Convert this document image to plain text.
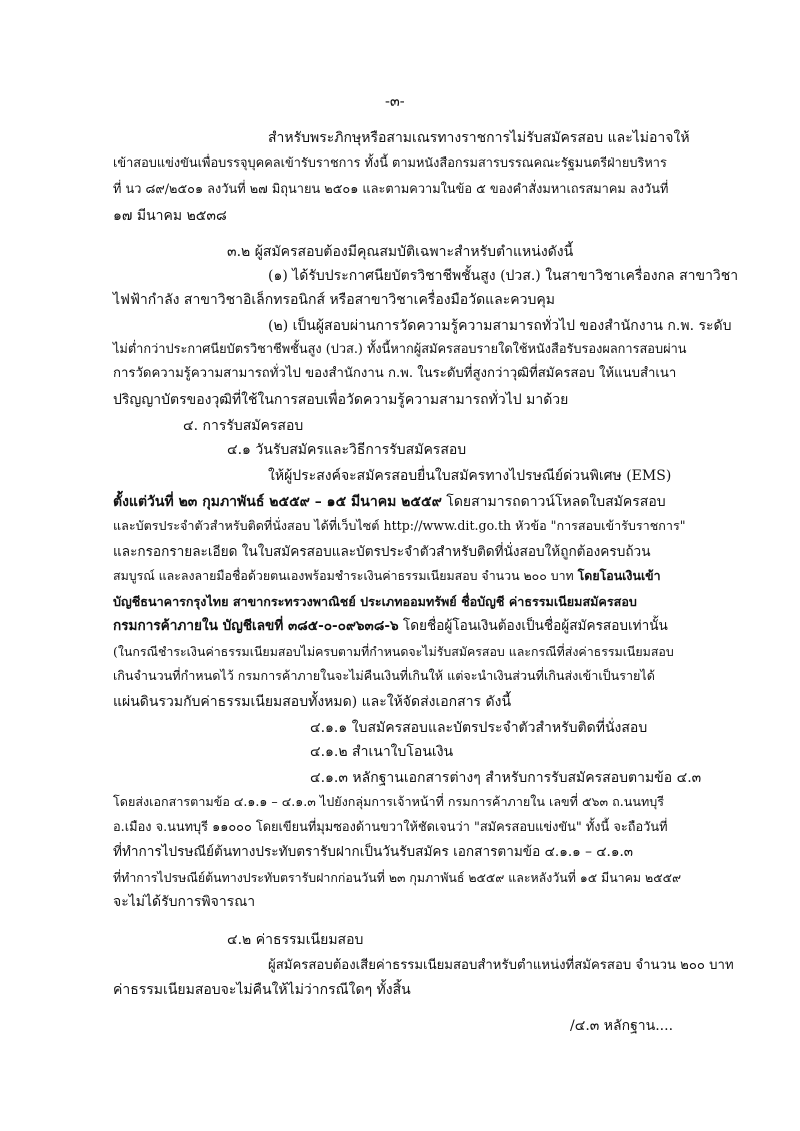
-๓-
สำหรับพระภิกษุหรือสามเณรทางราชการไม่รับสมัครสอบ และไม่อาจให้
เข้าสอบแข่งขันเพื่อบรรจุบุคคลเข้ารับราชการ ทั้งนี้ ตามหนังสือกรมสารบรรณคณะรัฐมนตรีฝ่ายบริหาร
ที่ นว ๘๙/๒๕๐๑ ลงวันที่ ๒๗ มิถุนายน ๒๕๐๑ และตามความในข้อ ๕ ของคำสั่งมหาเถรสมาคม ลงวันที่
๑๗ มีนาคม ๒๕๓๘
๓.๒ ผู้สมัครสอบต้องมีคุณสมบัติเฉพาะสำหรับตำแหน่งดังนี้
(๑) ได้รับประกาศนียบัตรวิชาชีพชั้นสูง (ปวส.) ในสาขาวิชาเครื่องกล สาขาวิชา
ไฟฟ้ากำลัง สาขาวิชาอิเล็กทรอนิกส์ หรือสาขาวิชาเครื่องมือวัดและควบคุม
(๒) เป็นผู้สอบผ่านการวัดความรู้ความสามารถทั่วไป ของสำนักงาน ก.พ. ระดับ
ไม่ต่ำกว่าประกาศนียบัตรวิชาชีพชั้นสูง (ปวส.) ทั้งนี้หากผู้สมัครสอบรายใดใช้หนังสือรับรองผลการสอบผ่าน
การวัดความรู้ความสามารถทั่วไป ของสำนักงาน ก.พ. ในระดับที่สูงกว่าวุฒิที่สมัครสอบ ให้แนบสำเนา
ปริญญาบัตรของวุฒิที่ใช้ในการสอบเพื่อวัดความรู้ความสามารถทั่วไป มาด้วย
๔. การรับสมัครสอบ
๔.๑ วันรับสมัครและวิธีการรับสมัครสอบ
ให้ผู้ประสงค์จะสมัครสอบยื่นใบสมัครทางไปรษณีย์ด่วนพิเศษ (EMS)
ตั้งแต่วันที่ ๒๓ กุมภาพันธ์ ๒๕๕๙ – ๑๕ มีนาคม ๒๕๕๙ โดยสามารถดาวน์โหลดใบสมัครสอบ
และบัตรประจำตัวสำหรับติดที่นั่งสอบ ได้ที่เว็บไซต์ http://www.dit.go.th หัวข้อ "การสอบเข้ารับราชการ"
และกรอกรายละเอียด ในใบสมัครสอบและบัตรประจำตัวสำหรับติดที่นั่งสอบให้ถูกต้องครบถ้วน
สมบูรณ์ และลงลายมือชื่อด้วยตนเองพร้อมชำระเงินค่าธรรมเนียมสอบ จำนวน ๒๐๐ บาท โดยโอนเงินเข้า
บัญชีธนาคารกรุงไทย สาขากระทรวงพาณิชย์ ประเภทออมทรัพย์ ชื่อบัญชี ค่าธรรมเนียมสมัครสอบ
กรมการค้าภายใน บัญชีเลขที่ ๓๘๕-๐-๐๙๖๓๘-๖ โดยชื่อผู้โอนเงินต้องเป็นชื่อผู้สมัครสอบเท่านั้น
(ในกรณีชำระเงินค่าธรรมเนียมสอบไม่ครบตามที่กำหนดจะไม่รับสมัครสอบ และกรณีที่ส่งค่าธรรมเนียมสอบ
เกินจำนวนที่กำหนดไว้ กรมการค้าภายในจะไม่คืนเงินที่เกินให้ แต่จะนำเงินส่วนที่เกินส่งเข้าเป็นรายได้
แผ่นดินรวมกับค่าธรรมเนียมสอบทั้งหมด) และให้จัดส่งเอกสาร ดังนี้
๔.๑.๑ ใบสมัครสอบและบัตรประจำตัวสำหรับติดที่นั่งสอบ
๔.๑.๒ สำเนาใบโอนเงิน
๔.๑.๓ หลักฐานเอกสารต่างๆ สำหรับการรับสมัครสอบตามข้อ ๔.๓
โดยส่งเอกสารตามข้อ ๔.๑.๑ – ๔.๑.๓ ไปยังกลุ่มการเจ้าหน้าที่ กรมการค้าภายใน เลขที่ ๕๖๓ ถ.นนทบุรี
อ.เมือง จ.นนทบุรี ๑๑๐๐๐ โดยเขียนที่มุมซองด้านขวาให้ชัดเจนว่า "สมัครสอบแข่งขัน" ทั้งนี้ จะถือวันที่
ที่ทำการไปรษณีย์ต้นทางประทับตรารับฝากเป็นวันรับสมัคร เอกสารตามข้อ ๔.๑.๑ – ๔.๑.๓
ที่ทำการไปรษณีย์ต้นทางประทับตรารับฝากก่อนวันที่ ๒๓ กุมภาพันธ์ ๒๕๕๙ และหลังวันที่ ๑๕ มีนาคม ๒๕๕๙
จะไม่ได้รับการพิจารณา
๔.๒ ค่าธรรมเนียมสอบ
ผู้สมัครสอบต้องเสียค่าธรรมเนียมสอบสำหรับตำแหน่งที่สมัครสอบ จำนวน ๒๐๐ บาท
ค่าธรรมเนียมสอบจะไม่คืนให้ไม่ว่ากรณีใดๆ ทั้งสิ้น
/๔.๓ หลักฐาน....
